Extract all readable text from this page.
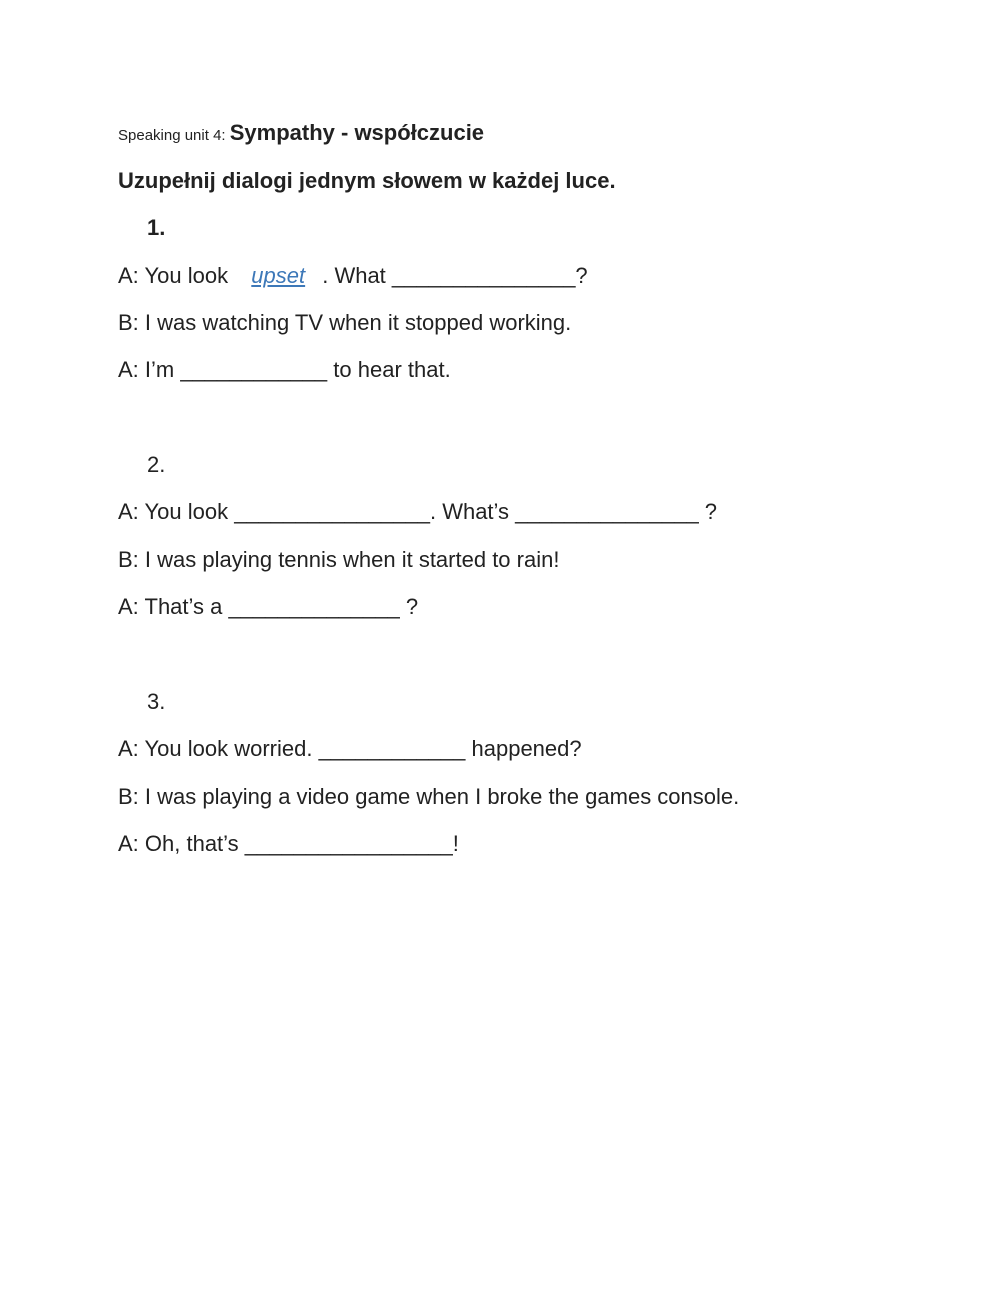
Speaking unit 4: Sympathy - współczucie
Uzupełnij dialogi jednym słowem w każdej luce.
1.
A: You look upset . What _______________?
B: I was watching TV when it stopped working.
A: I’m ____________ to hear that.
2.
A: You look ________________. What’s _______________ ?
B: I was playing tennis when it started to rain!
A: That’s a ______________ ?
3.
A: You look worried. ____________ happened?
B: I was playing a video game when I broke the games console.
A: Oh, that’s _________________!
